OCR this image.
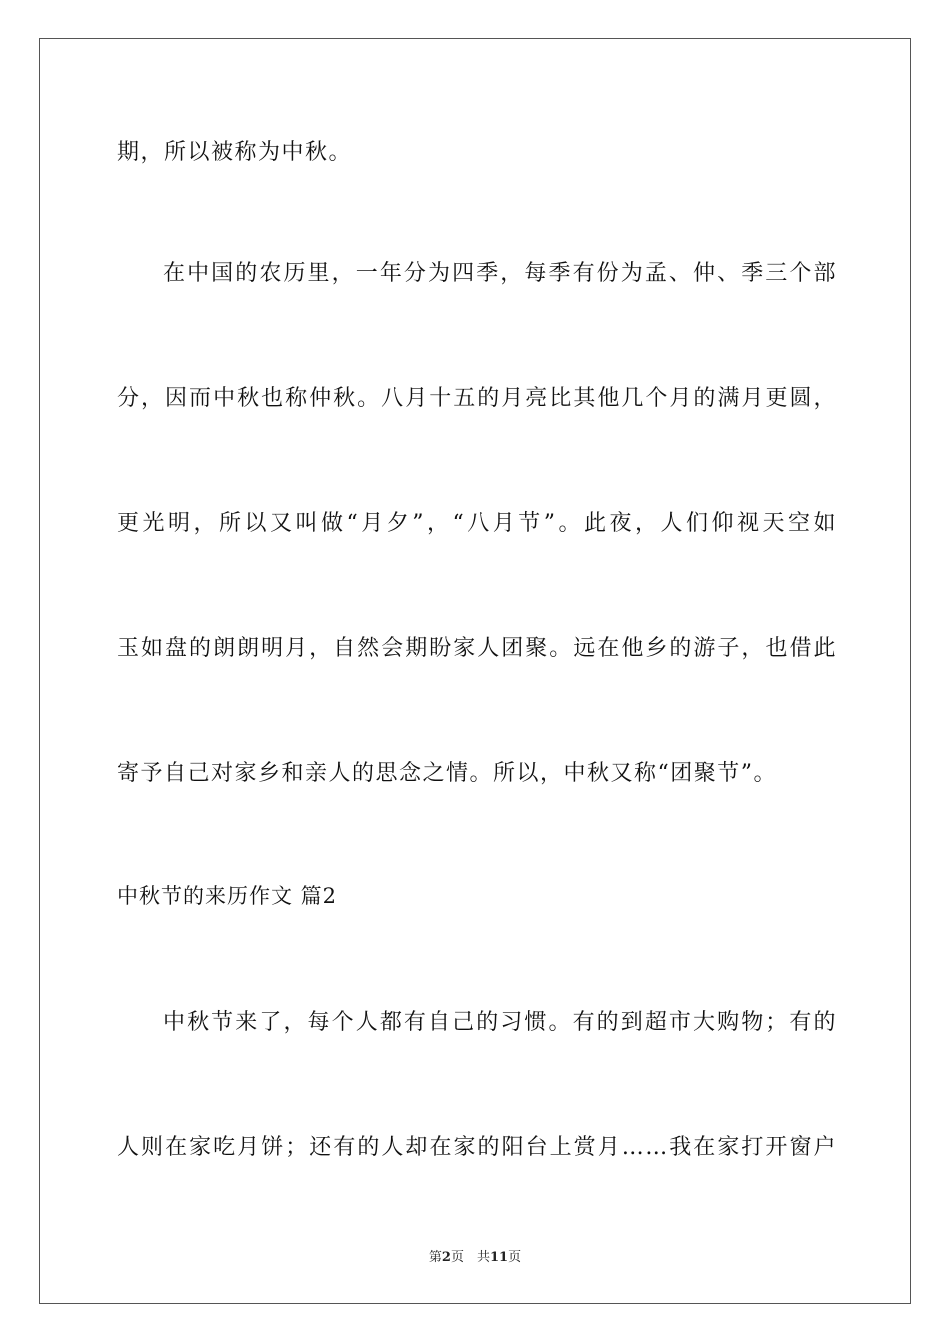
期，所以被称为中秋。
在中国的农历里，一年分为四季，每季有份为孟、仲、季三个部
分，因而中秋也称仲秋。八月十五的月亮比其他几个月的满月更圆，
更光明，所以又叫做“月夕”，“八月节”。此夜，人们仰视天空如
玉如盘的朗朗明月，自然会期盼家人团聚。远在他乡的游子，也借此
寄予自己对家乡和亲人的思念之情。所以，中秋又称“团聚节”。
中秋节的来历作文 篇2
中秋节来了，每个人都有自己的习惯。有的到超市大购物；有的
人则在家吃月饼；还有的人却在家的阳台上赏月……我在家打开窗户
第2页　共11页
